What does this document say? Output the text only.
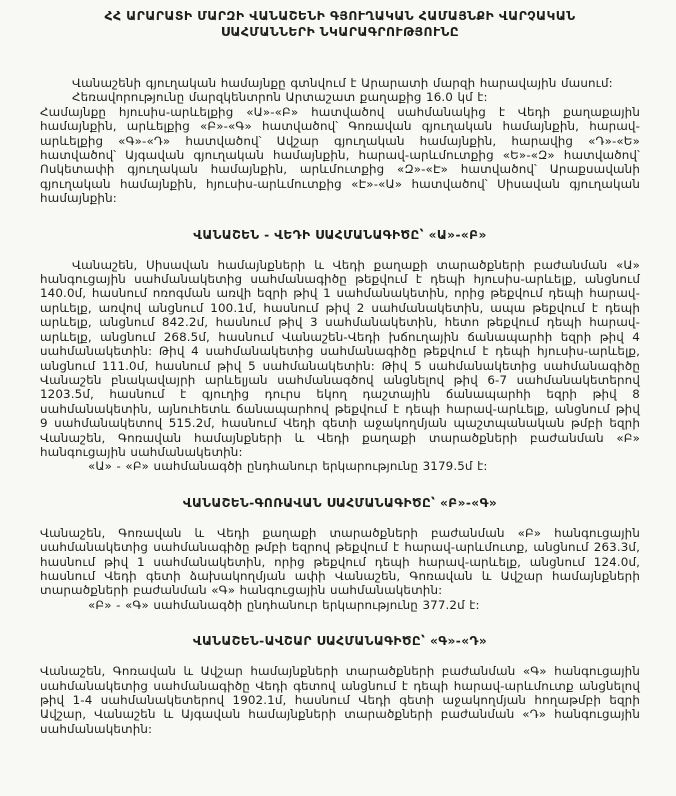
ՀՀ ԱՐԱՐԱՏԻ ՄԱՐԶԻ ՎԱՆԱՇԵՆԻ ԳՅՈՒՂԱԿԱՆ ՀԱՄԱՅՆՔԻ ՎԱՐՉԱԿԱՆ
ՍԱՀՄԱՆՆԵՐԻ ՆԿԱՐԱԳՐՈՒԹՅՈՒՆԸ

Վանաշենի գյուղական համայնքը գտնվում է Արարատի մարզի հարավային մասում:

Հեռավորությունը մարզկենտրոն Արտաշատ քաղաքից 16.0 կմ է:

Համայնքը հյուսիս-արևելքից «Ա»-«Բ» հատվածով սահմանակից է Վեդի քաղաքային համայնքին, արևելքից «Բ»-«Գ» հատվածով՝ Գոռավան գյուղական համայնքին, հարավ-արևելքից «Գ»-«Դ» հատվածով՝ Ավշար գյուղական համայնքին, հարավից «Դ»-«Ե» հատվածով՝ Այգավան գյուղական համայնքին, հարավ-արևմուտքից «Ե»-«Զ» հատվածով՝ Ոսկետափի գյուղական համայնքին, արևմուտքից «Զ»-«Է» հատվածով՝ Արաքսավանի գյուղական համայնքին, հյուսիս-արևմուտքից «Է»-«Ա» հատվածով՝ Սիսավան գյուղական համայնքին:

ՎԱՆԱՇԵՆ - ՎԵԴԻ ՍԱՀՄԱՆԱԳԻԾԸ՝ «Ա»-«Բ»

Վանաշեն, Սիսավան համայնքների և Վեդի քաղաքի տարածքների բաժանման «Ա» հանգուցային սահմանակետից սահմանագիծը թեքվում է դեպի հյուսիս-արևելք, անցնում 140.0մ, հասնում ոռոգման առվի եզրի թիվ 1 սահմանակետին, որից թեքվում դեպի հարավ-արևելք, առվով անցնում 100.1մ, հասնում թիվ 2 սահմանակետին, ապա թեքվում է դեպի արևելք, անցնում 842.2մ, հասնում թիվ 3 սահմանակետին, հետո թեքվում դեպի հարավ-արևելք, անցնում 268.5մ, հասնում Վանաշեն-Վեդի խճուղային ճանապարհի եզրի թիվ 4 սահմանակետին: Թիվ 4 սահմանակետից սահմանագիծը թեքվում է դեպի հյուսիս-արևելք, անցնում 111.0մ, հասնում թիվ 5 սահմանակետին: Թիվ 5 սահմանակետից սահմանագիծը Վանաշեն բնակավայրի արևելյան սահմանագծով անցնելով թիվ 6-7 սահմանակետերով 1203.5մ, հասնում է գյուղից դուրս եկող դաշտային ճանապարհի եզրի թիվ 8 սահմանակետին, այնուհետև ճանապարհով թեքվում է դեպի հարավ-արևելք, անցնում թիվ 9 սահմանակետով 515.2մ, հասնում Վեդի գետի աջակողմյան պաշտպանական թմբի եզրի Վանաշեն, Գոռավան համայնքների և Վեդի քաղաքի տարածքների բաժանման «Բ» հանգուցային սահմանակետին:

«Ա» - «Բ» սահմանագծի ընդհանուր երկարությունը 3179.5մ է:

ՎԱՆԱՇԵՆ-ԳՈՌԱՎԱՆ ՍԱՀՄԱՆԱԳԻԾԸ՝ «Բ»-«Գ»

Վանաշեն, Գոռավան և Վեդի քաղաքի տարածքների բաժանման «Բ» հանգուցային սահմանակետից սահմանագիծը թմբի եզրով թեքվում է հարավ-արևմուտք, անցնում 263.3մ, հասնում թիվ 1 սահմանակետին, որից թեքվում դեպի հարավ-արևելք, անցնում 124.0մ, հասնում Վեդի գետի ձախակողմյան ափի Վանաշեն, Գոռավան և Ավշար համայնքների տարածքների բաժանման «Գ» հանգուցային սահմանակետին:

«Բ» - «Գ» սահմանագծի ընդհանուր երկարությունը 377.2մ է:

ՎԱՆԱՇԵՆ-ԱՎՇԱՐ ՍԱՀՄԱՆԱԳԻԾԸ՝ «Գ»-«Դ»

Վանաշեն, Գոռավան և Ավշար համայնքների տարածքների բաժանման «Գ» հանգուցային սահմանակետից սահմանագիծը Վեդի գետով անցնում է դեպի հարավ-արևմուտք անցնելով թիվ 1-4 սահմանակետերով 1902.1մ, հասնում Վեդի գետի աջակողմյան հողաթմբի եզրի Ավշար, Վանաշեն և Այգավան համայնքների տարածքների բաժանման «Դ» հանգուցային սահմանակետին:
